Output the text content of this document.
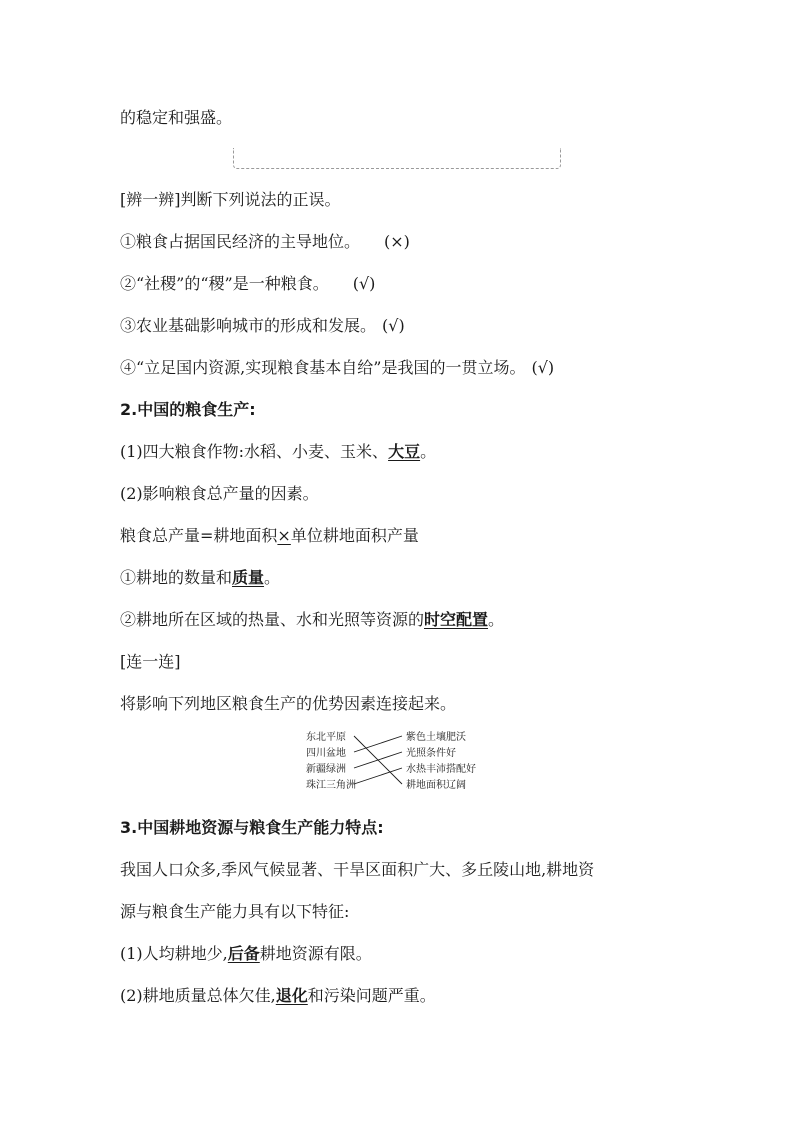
的稳定和强盛。
[辨一辨]判断下列说法的正误。
①粮食占据国民经济的主导地位。 (×)
②“社稷”的“稷”是一种粮食。 (√)
③农业基础影响城市的形成和发展。 (√)
④“立足国内资源,实现粮食基本自给”是我国的一贯立场。 (√)
2.中国的粮食生产:
(1)四大粮食作物:水稻、小麦、玉米、大豆。
(2)影响粮食总产量的因素。
粮食总产量=耕地面积×单位耕地面积产量
①耕地的数量和质量。
②耕地所在区域的热量、水和光照等资源的时空配置。
[连一连]
将影响下列地区粮食生产的优势因素连接起来。
东北平原
四川盆地
新疆绿洲
珠江三角洲
紫色土壤肥沃
光照条件好
水热丰沛搭配好
耕地面积辽阔
3.中国耕地资源与粮食生产能力特点:
我国人口众多,季风气候显著、干旱区面积广大、多丘陵山地,耕地资
源与粮食生产能力具有以下特征:
(1)人均耕地少,后备耕地资源有限。
(2)耕地质量总体欠佳,退化和污染问题严重。
